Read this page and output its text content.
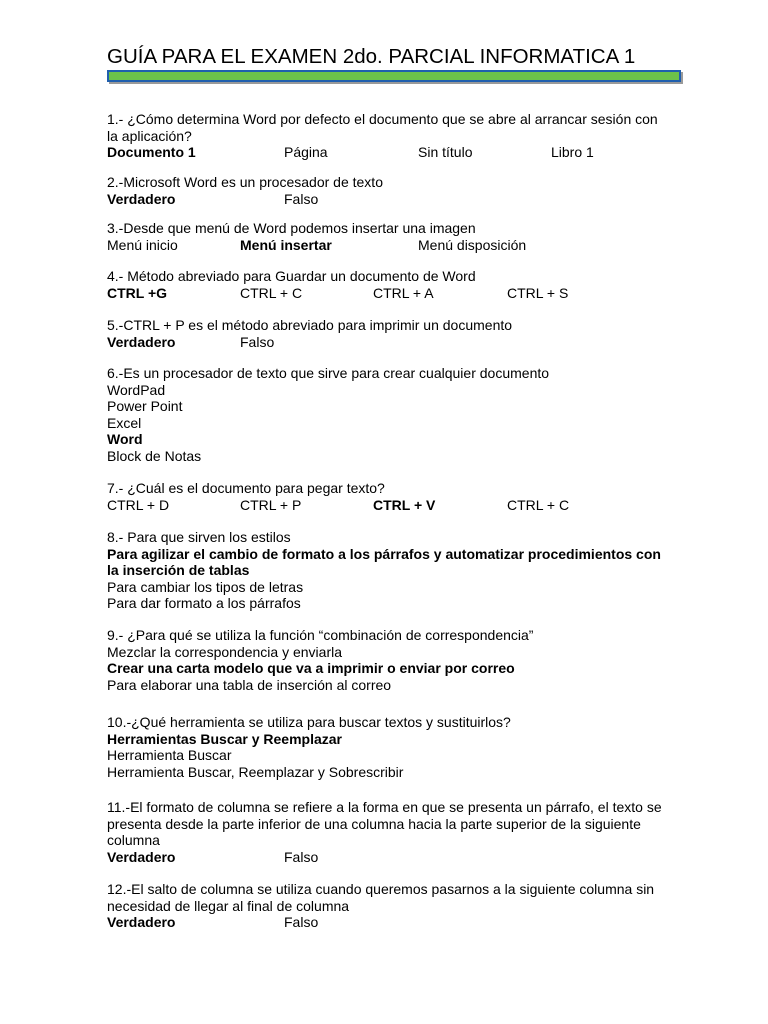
GUÍA PARA EL EXAMEN 2do. PARCIAL INFORMATICA 1
1.- ¿Cómo determina Word por defecto el documento que se abre al arrancar sesión con la aplicación?
Documento 1	Página	Sin título	Libro 1
2.-Microsoft Word es un procesador de texto
Verdadero	Falso
3.-Desde que menú de Word podemos insertar una imagen
Menú inicio	Menú insertar	Menú disposición
4.- Método abreviado para Guardar un documento de Word
CTRL +G	CTRL + C	CTRL + A	CTRL + S
5.-CTRL + P es el método abreviado para imprimir un documento
Verdadero	Falso
6.-Es un procesador de texto que sirve para crear cualquier documento
WordPad
Power Point
Excel
Word
Block de Notas
7.- ¿Cuál es el documento para pegar texto?
CTRL + D	CTRL + P	CTRL + V	CTRL + C
8.- Para que sirven los estilos
Para agilizar el cambio de formato a los párrafos y automatizar procedimientos con la inserción de tablas
Para cambiar los tipos de letras
Para dar formato a los párrafos
9.- ¿Para qué se utiliza la función “combinación de correspondencia”
Mezclar la correspondencia y enviarla
Crear una carta modelo que va a imprimir o enviar por correo
Para elaborar una tabla de inserción al correo
10.-¿Qué herramienta se utiliza para buscar textos y sustituirlos?
Herramientas Buscar y Reemplazar
Herramienta Buscar
Herramienta Buscar, Reemplazar y Sobrescribir
11.-El formato de columna se refiere a la forma en que se presenta un párrafo, el texto se presenta desde la parte inferior de una columna hacia la parte superior de la siguiente columna
Verdadero	Falso
12.-El salto de columna se utiliza cuando queremos pasarnos a la siguiente columna sin necesidad de llegar al final de columna
Verdadero	Falso
